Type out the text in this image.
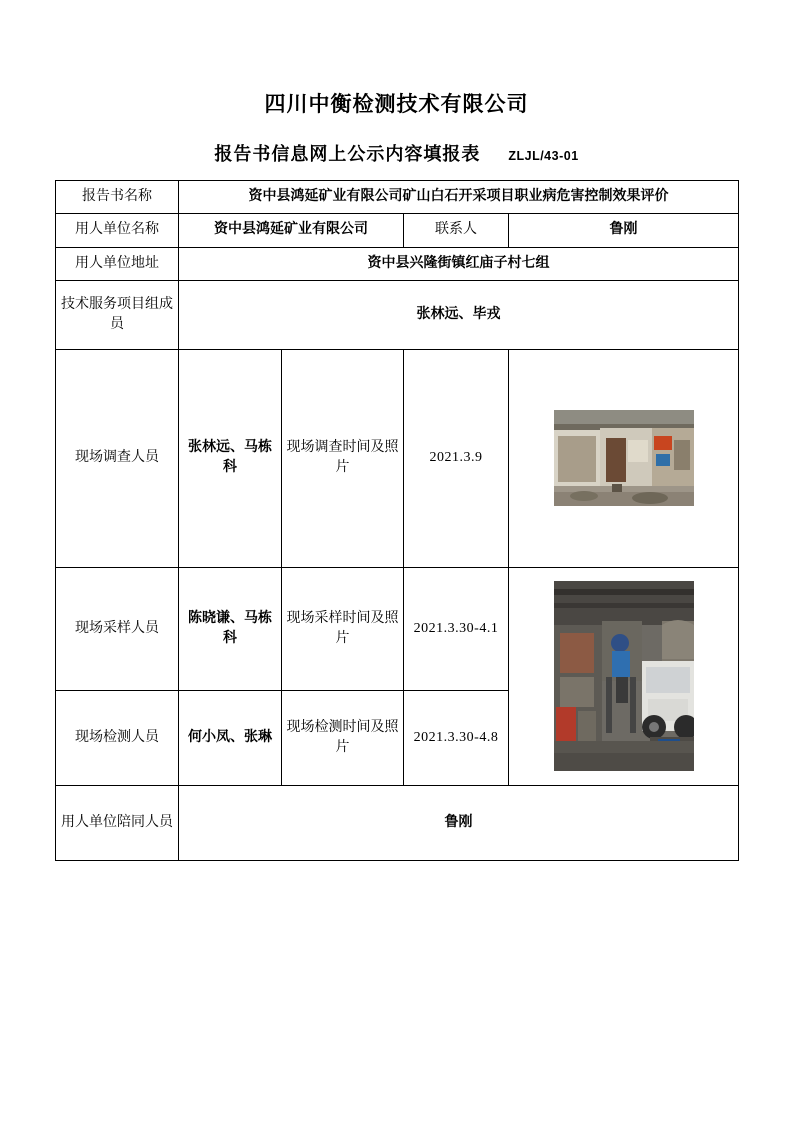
四川中衡检测技术有限公司
报告书信息网上公示内容填报表 ZLJL/43-01
报告书名称	资中县鸿延矿业有限公司矿山白石开采项目职业病危害控制效果评价			
用人单位名称	资中县鸿延矿业有限公司		联系人	鲁刚
用人单位地址	资中县兴隆街镇红庙子村七组			
技术服务项目组成员	张林远、毕戎			
现场调查人员	张林远、马栋科	现场调查时间及照片	2021.3.9	

现场采样人员	陈晓谦、马栋科	现场采样时间及照片	2021.3.30-4.1	

现场检测人员	何小凤、张琳	现场检测时间及照片	2021.3.30-4.8	
用人单位陪同人员	鲁刚			
